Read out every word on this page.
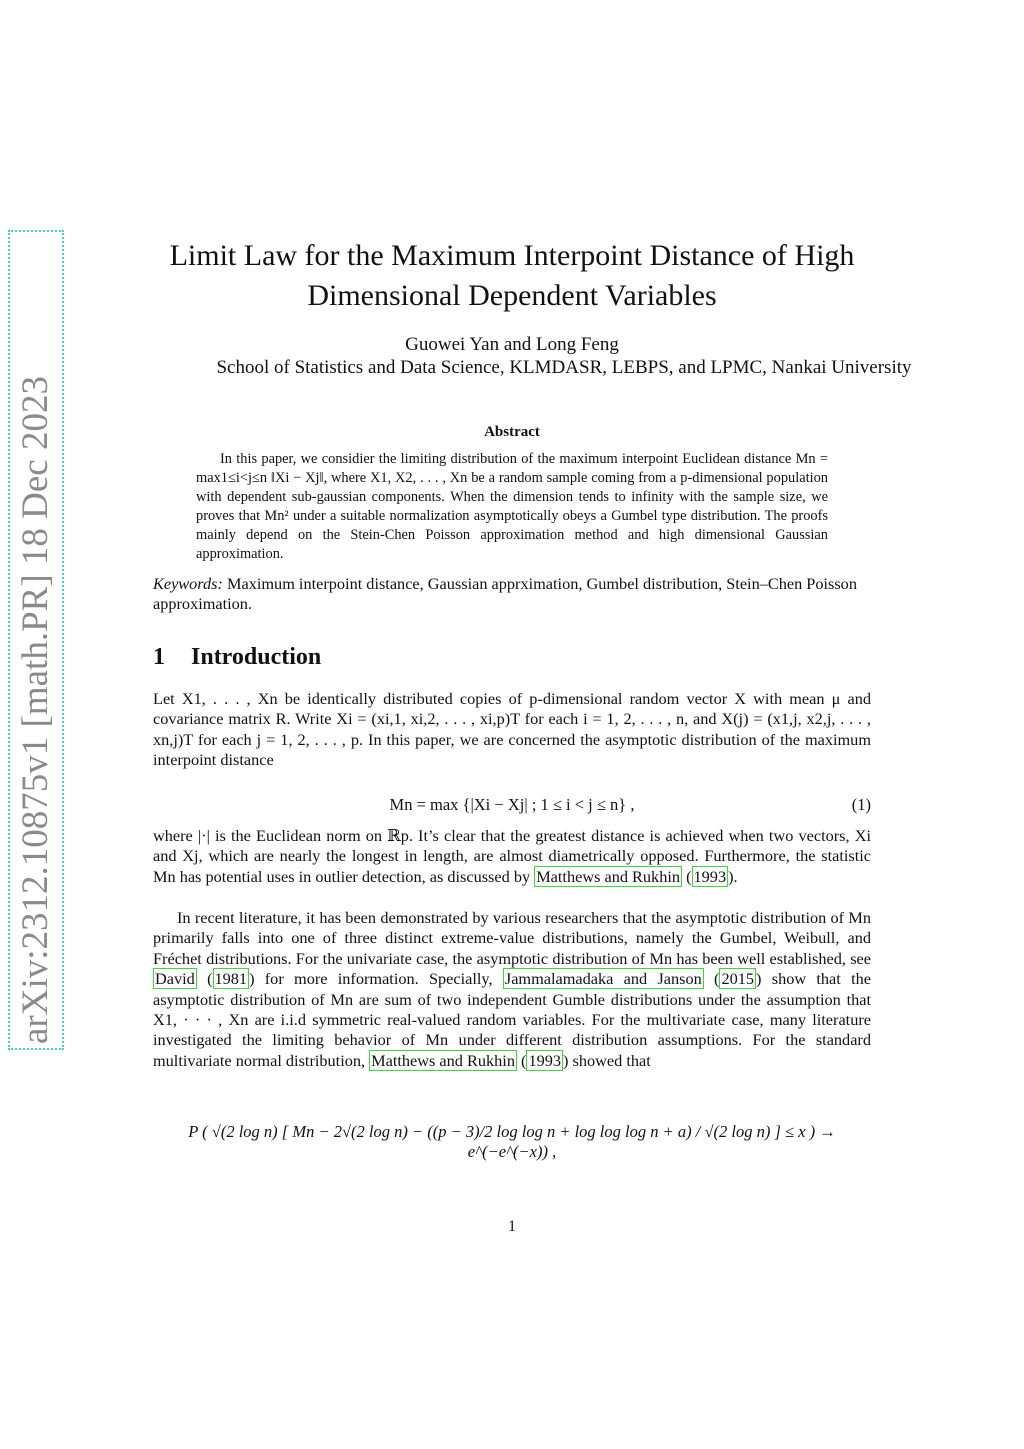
arXiv:2312.10875v1 [math.PR] 18 Dec 2023
Limit Law for the Maximum Interpoint Distance of High Dimensional Dependent Variables
Guowei Yan and Long Feng
School of Statistics and Data Science, KLMDASR, LEBPS, and LPMC, Nankai University
Abstract
In this paper, we considier the limiting distribution of the maximum interpoint Euclidean distance Mn = max1≤i<j≤n ‖Xi − Xj‖, where X1, X2, . . . , Xn be a random sample coming from a p-dimensional population with dependent sub-gaussian components. When the dimension tends to infinity with the sample size, we proves that Mn² under a suitable normalization asymptotically obeys a Gumbel type distribution. The proofs mainly depend on the Stein-Chen Poisson approximation method and high dimensional Gaussian approximation.
Keywords: Maximum interpoint distance, Gaussian apprximation, Gumbel distribution, Stein–Chen Poisson approximation.
1 Introduction
Let X1, . . . , Xn be identically distributed copies of p-dimensional random vector X with mean μ and covariance matrix R. Write Xi = (xi,1, xi,2, . . . , xi,p)T for each i = 1, 2, . . . , n, and X(j) = (x1,j, x2,j, . . . , xn,j)T for each j = 1, 2, . . . , p. In this paper, we are concerned the asymptotic distribution of the maximum interpoint distance
Mn = max {|Xi − Xj| ; 1 ≤ i < j ≤ n} ,	(1)
where |·| is the Euclidean norm on ℝp. It’s clear that the greatest distance is achieved when two vectors, Xi and Xj, which are nearly the longest in length, are almost diametrically opposed. Furthermore, the statistic Mn has potential uses in outlier detection, as discussed by Matthews and Rukhin ( 1993 ).
In recent literature, it has been demonstrated by various researchers that the asymptotic distribution of Mn primarily falls into one of three distinct extreme-value distributions, namely the Gumbel, Weibull, and Fréchet distributions. For the univariate case, the asymptotic distribution of Mn has been well established, see David ( 1981 ) for more information. Specially, Jammalamadaka and Janson ( 2015 ) show that the asymptotic distribution of Mn are sum of two independent Gumble distributions under the assumption that X1, · · · , Xn are i.i.d symmetric real-valued random variables. For the multivariate case, many literature investigated the limiting behavior of Mn under different distribution assumptions. For the standard multivariate normal distribution, Matthews and Rukhin ( 1993 ) showed that
P ( √(2 log n) [ Mn − 2√(2 log n) − ((p − 3)/2 log log n + log log log n + a) / √(2 log n) ] ≤ x ) → e^(−e^(−x)) ,
1
